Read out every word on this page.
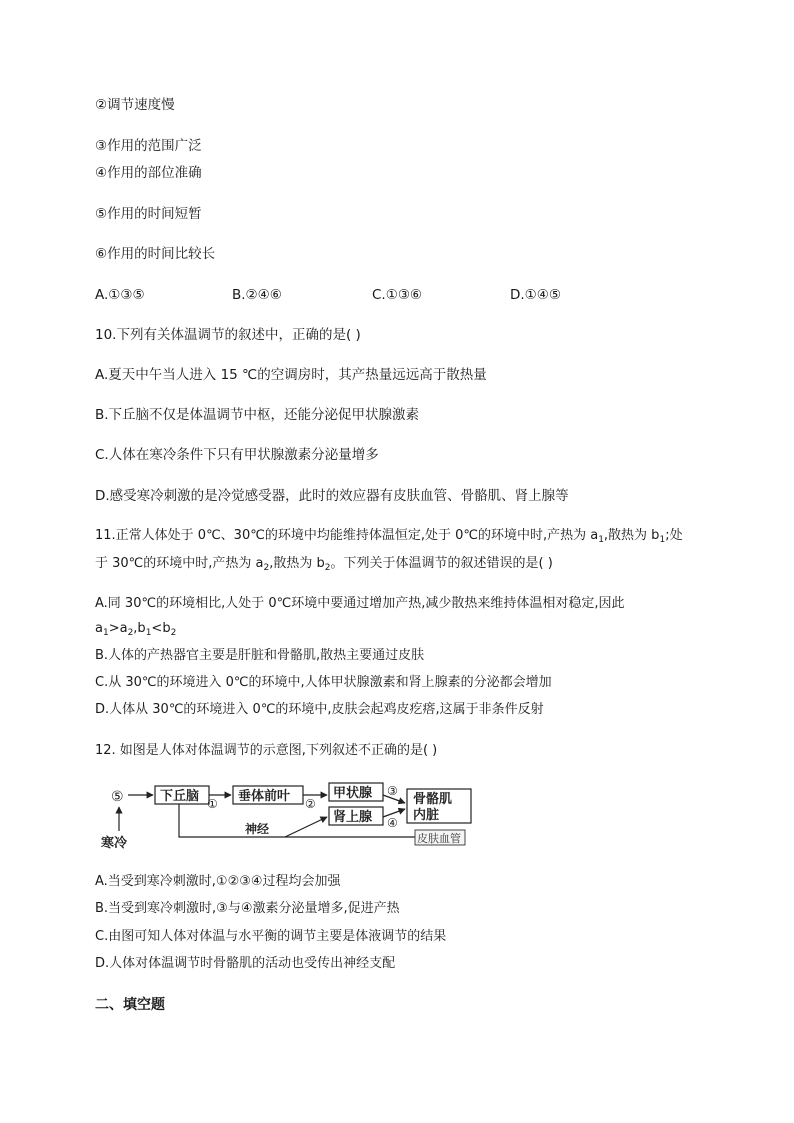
②调节速度慢
③作用的范围广泛
④作用的部位准确
⑤作用的时间短暂
⑥作用的时间比较长
A.①③⑤	B.②④⑥	C.①③⑥	D.①④⑤
10.下列有关体温调节的叙述中，正确的是( )
A.夏天中午当人进入 15 ℃的空调房时，其产热量远远高于散热量
B.下丘脑不仅是体温调节中枢，还能分泌促甲状腺激素
C.人体在寒冷条件下只有甲状腺激素分泌量增多
D.感受寒冷刺激的是冷觉感受器，此时的效应器有皮肤血管、骨骼肌、肾上腺等
11.正常人体处于 0℃、30℃的环境中均能维持体温恒定,处于 0℃的环境中时,产热为 $a_1$,散热为 $b_1$;处
于 30℃的环境中时,产热为 $a_2$,散热为 $b_2$。下列关于体温调节的叙述错误的是( )
A.同 30℃的环境相比,人处于 0℃环境中要通过增加产热,减少散热来维持体温相对稳定,因此
$a_1>a_2,b_1<b_2$
B.人体的产热器官主要是肝脏和骨骼肌,散热主要通过皮肤
C.从 30℃的环境进入 0℃的环境中,人体甲状腺激素和肾上腺素的分泌都会增加
D.人体从 30℃的环境进入 0℃的环境中,皮肤会起鸡皮疙瘩,这属于非条件反射
12. 如图是人体对体温调节的示意图,下列叙述不正确的是( )
⑤
寒冷
下丘脑 ① 垂体前叶 ②
甲状腺 ③
肾上腺 ④
骨骼肌
内脏
神经
皮肤血管
A.当受到寒冷刺激时,①②③④过程均会加强
B.当受到寒冷刺激时,③与④激素分泌量增多,促进产热
C.由图可知人体对体温与水平衡的调节主要是体液调节的结果
D.人体对体温调节时骨骼肌的活动也受传出神经支配
二、填空题
